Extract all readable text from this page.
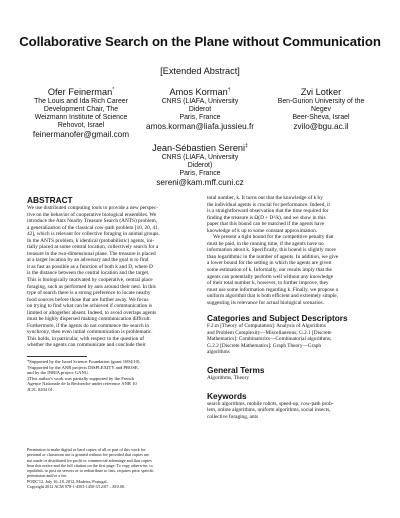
Collaborative Search on the Plane without Communication
[Extended Abstract]
Ofer Feinerman*
The Louis and Ida Rich Career
Development Chair, The
Weizmann Institute of Science
Rehovot, Israel
feinermanofer@gmail.com
Amos Korman†
CNRS (LIAFA, University
Diderot
Paris, France
amos.korman@liafa.jussieu.fr
Zvi Lotker
Ben-Gurion University of the
Negev
Beer-Sheva, Israel
zvilo@bgu.ac.il
Jean-Sébastien Sereni‡
CNRS (LIAFA, University
Diderot)
Paris, France
sereni@kam.mff.cuni.cz
ABSTRACT
We use distributed computing tools to provide a new perspec-
tive on the behavior of cooperative biological ensembles. We
introduce the Ants Nearby Treasure Search (ANTS) problem,
a generalization of the classical cow-path problem [10, 20, 41,
42], which is relevant for collective foraging in animal groups.
In the ANTS problem, k identical (probabilistic) agents, ini-
tially placed at some central location, collectively search for a
treasure in the two-dimensional plane. The treasure is placed
at a target location by an adversary and the goal is to find
it as fast as possible as a function of both k and D, where D
is the distance between the central location and the target.
This is biologically motivated by cooperative, central place
foraging, such as performed by ants around their nest. In this
type of search there is a strong preference to locate nearby
food sources before those that are further away. We focus
on trying to find what can be achieved if communication is
limited or altogether absent. Indeed, to avoid overlaps agents
must be highly dispersed making communication difficult.
Furthermore, if the agents do not commence the search in
synchrony, then even initial communication is problematic.
This holds, in particular, with respect to the question of
whether the agents can communicate and conclude their
*Supported by the Israel Science Foundation (grant 1694/10).
†Supported by the ANR projects DISPLEXITY and PROSE,
and by the INRIA project GANG.
‡This author's work was partially supported by the French
Agence Nationale de la Recherche under reference ANR 10
JCJC 0204 01.
Permission to make digital or hard copies of all or part of this work for
personal or classroom use is granted without fee provided that copies are
not made or distributed for profit or commercial advantage and that copies
bear this notice and the full citation on the first page. To copy otherwise, to
republish, to post on servers or to redistribute to lists, requires prior specific
permission and/or a fee.
PODC'12, July 16–18, 2012, Madeira, Portugal.
Copyright 2012 ACM 978-1-4503-1450-3/12/07 ...$10.00.
total number, k. It turns out that the knowledge of k by
the individual agents is crucial for performance. Indeed, it
is a straightforward observation that the time required for
finding the treasure is Ω(D + D²/k), and we show in this
paper that this bound can be matched if the agents have
knowledge of k up to some constant approximation.
We present a tight bound for the competitive penalty that
must be paid, in the running time, if the agents have no
information about k. Specifically, this bound is slightly more
than logarithmic in the number of agents. In addition, we give
a lower bound for the setting in which the agents are given
some estimation of k. Informally, our results imply that the
agents can potentially perform well without any knowledge
of their total number k, however, to further improve, they
must use some information regarding k. Finally, we propose a
uniform algorithm that is both efficient and extremely simple,
suggesting its relevance for actual biological scenarios.
Categories and Subject Descriptors
F.2.m [Theory of Computation]: Analysis of Algorithms
and Problem Complexity—Miscellaneous; G.2.1 [Discrete
Mathematics]: Combinatorics—Combinatorial algorithms;
G.2.2 [Discrete Mathematics]: Graph Theory—Graph
algorithms
General Terms
Algorithms, Theory
Keywords
search algorithms, mobile robots, speed-up, cow-path prob-
lem, online algorithms, uniform algorithms, social insects,
collective foraging, ants
